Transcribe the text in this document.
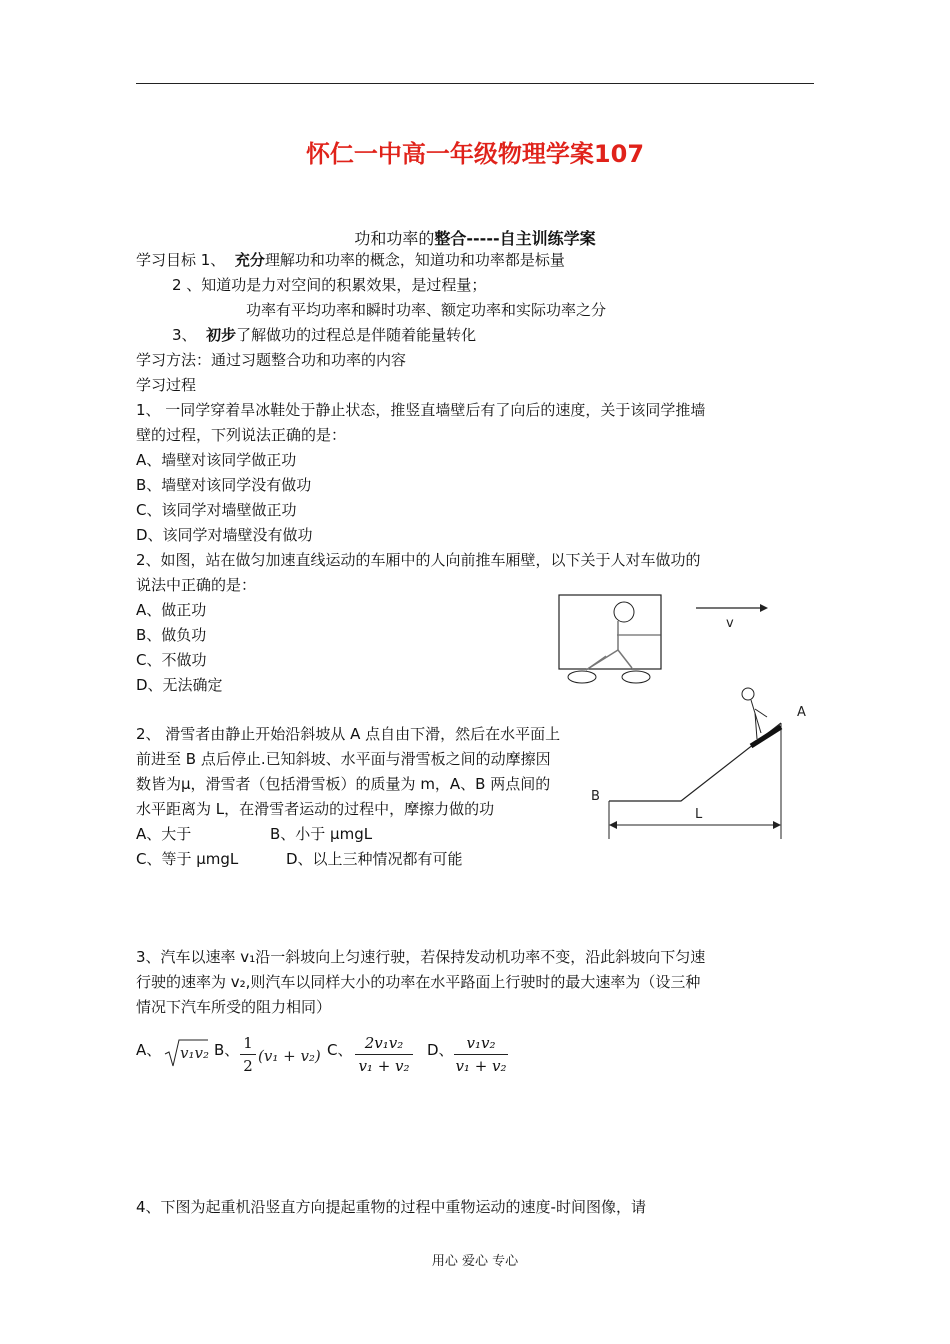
怀仁一中高一年级物理学案107
功和功率的整合-----自主训练学案
学习目标 1、 充分理解功和功率的概念，知道功和功率都是标量
2 、知道功是力对空间的积累效果，是过程量；
功率有平均功率和瞬时功率、额定功率和实际功率之分
3、 初步了解做功的过程总是伴随着能量转化
学习方法：通过习题整合功和功率的内容
学习过程
1、 一同学穿着旱冰鞋处于静止状态，推竖直墙壁后有了向后的速度，关于该同学推墙
壁的过程，下列说法正确的是：
A、墙壁对该同学做正功
B、墙壁对该同学没有做功
C、该同学对墙壁做正功
D、该同学对墙壁没有做功
2、如图，站在做匀加速直线运动的车厢中的人向前推车厢壁，以下关于人对车做功的
说法中正确的是：
A、做正功
B、做负功
C、不做功
D、无法确定
v
2、 滑雪者由静止开始沿斜坡从 A 点自由下滑，然后在水平面上
前进至 B 点后停止.已知斜坡、水平面与滑雪板之间的动摩擦因
数皆为μ，滑雪者（包括滑雪板）的质量为 m，A、B 两点间的
水平距离为 L，在滑雪者运动的过程中，摩擦力做的功
A、大于	B、小于 μmgL
C、等于 μmgL	D、以上三种情况都有可能
A
B
L
3、汽车以速率 v₁沿一斜坡向上匀速行驶，若保持发动机功率不变，沿此斜坡向下匀速
行驶的速率为 v₂,则汽车以同样大小的功率在水平路面上行驶时的最大速率为（设三种
情况下汽车所受的阻力相同）
A、 v₁v₂ B、 1
2
(v₁ + v₂) C、 2v₁v₂
v₁ + v₂
D、 v₁v₂
v₁ + v₂
4、下图为起重机沿竖直方向提起重物的过程中重物运动的速度-时间图像，请
用心 爱心 专心
